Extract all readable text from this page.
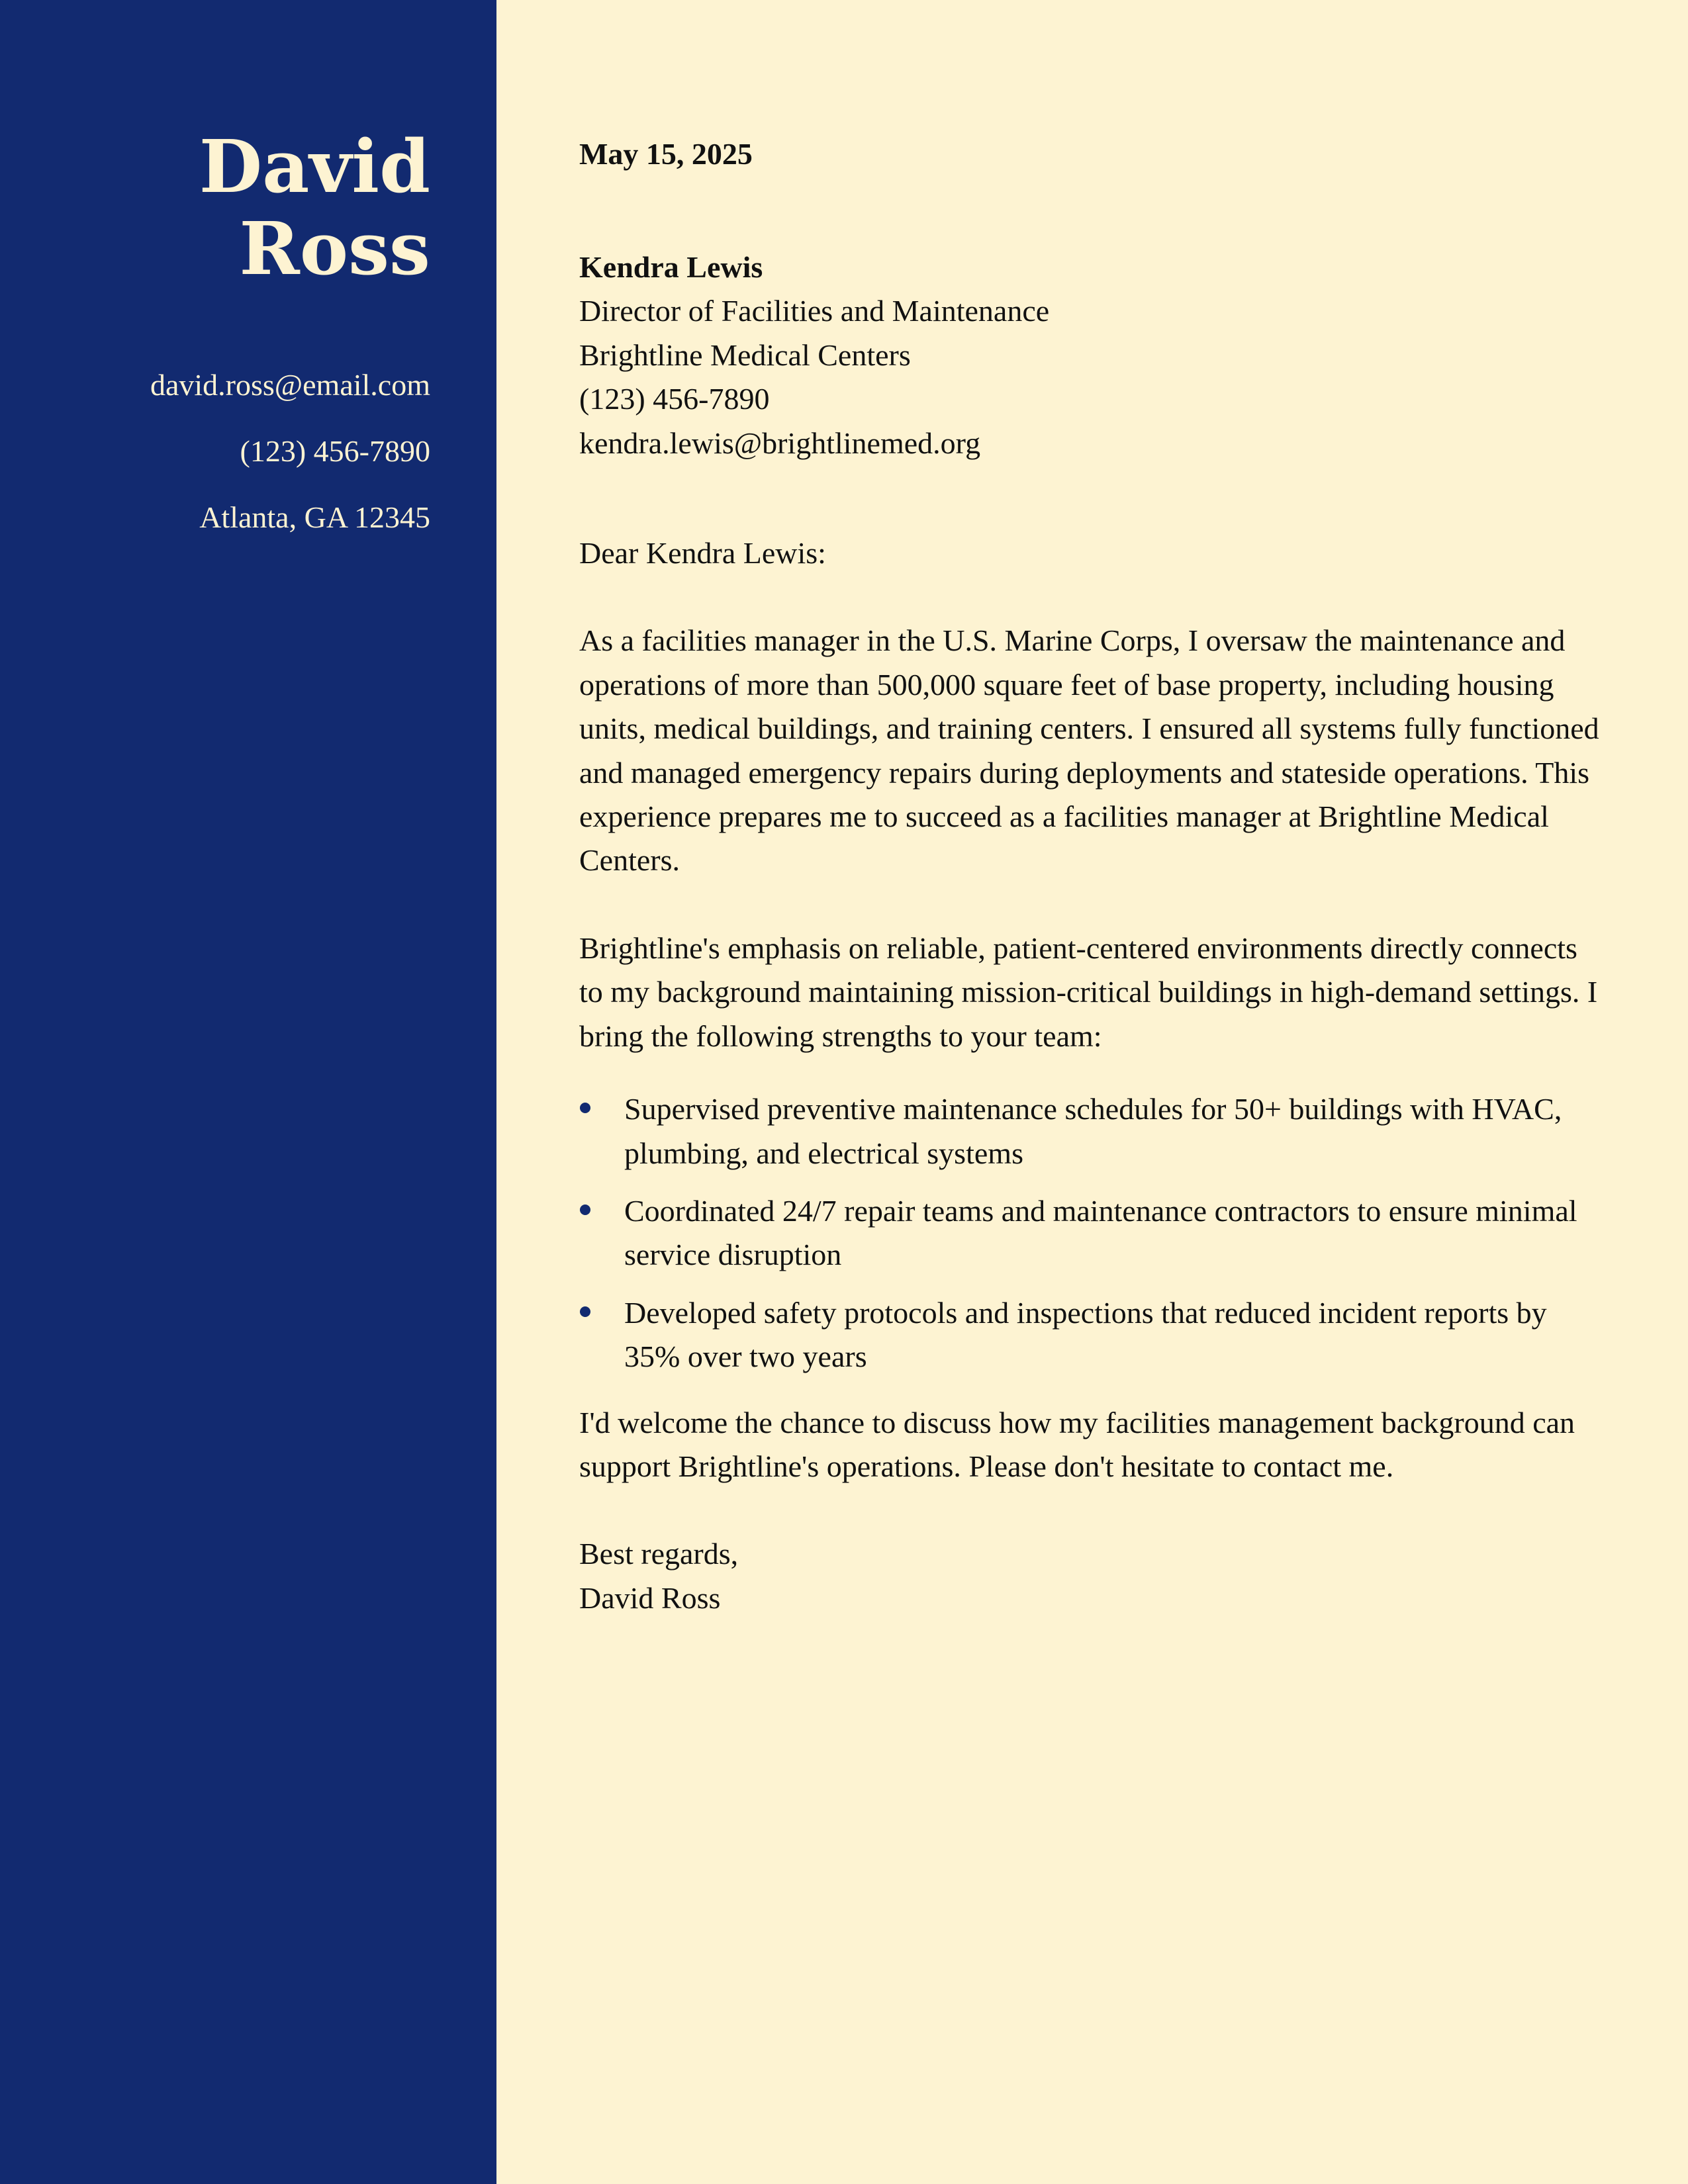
David
Ross
david.ross@email.com
(123) 456-7890
Atlanta, GA 12345
May 15, 2025
Kendra Lewis
Director of Facilities and Maintenance
Brightline Medical Centers
(123) 456-7890
kendra.lewis@brightlinemed.org
Dear Kendra Lewis:

As a facilities manager in the U.S. Marine Corps, I oversaw the maintenance and operations of more than 500,000 square feet of base property, including housing units, medical buildings, and training centers. I ensured all systems fully functioned and managed emergency repairs during deployments and stateside operations. This experience prepares me to succeed as a facilities manager at Brightline Medical Centers.

Brightline's emphasis on reliable, patient-centered environments directly connects to my background maintaining mission-critical buildings in high-demand settings. I bring the following strengths to your team:

Supervised preventive maintenance schedules for 50+ buildings with HVAC, plumbing, and electrical systems
Coordinated 24/7 repair teams and maintenance contractors to ensure minimal service disruption
Developed safety protocols and inspections that reduced incident reports by 35% over two years

I'd welcome the chance to discuss how my facilities management background can support Brightline's operations. Please don't hesitate to contact me.

Best regards,
David Ross
